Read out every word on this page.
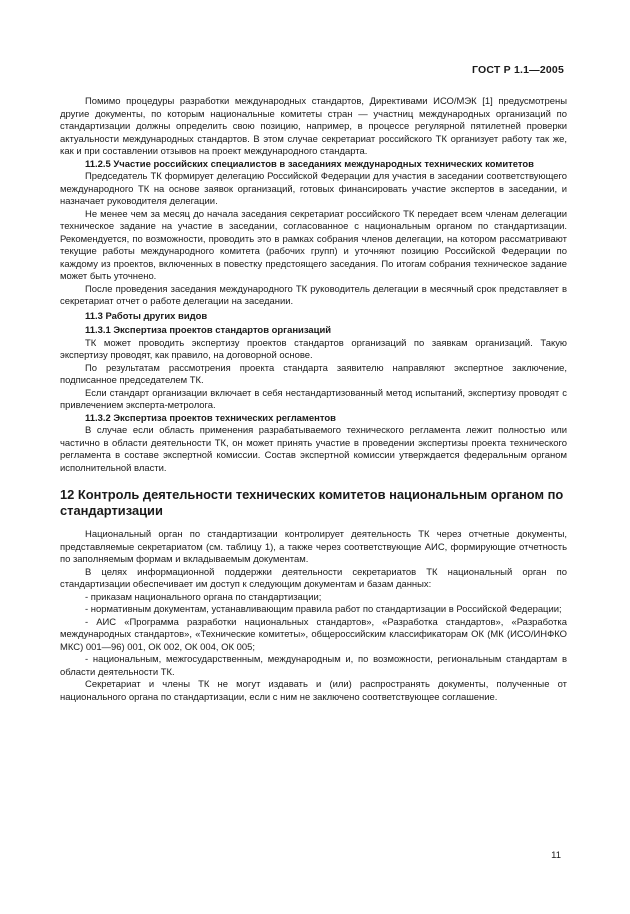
ГОСТ Р 1.1—2005

Помимо процедуры разработки международных стандартов, Директивами ИСО/МЭК [1] предусмотрены другие документы, по которым национальные комитеты стран — участниц международных организаций по стандартизации должны определить свою позицию, например, в процессе регулярной пятилетней проверки актуальности международных стандартов. В этом случае секретариат российского ТК организует работу так же, как и при составлении отзывов на проект международного стандарта.

11.2.5 Участие российских специалистов в заседаниях международных технических комитетов

Председатель ТК формирует делегацию Российской Федерации для участия в заседании соответствующего международного ТК на основе заявок организаций, готовых финансировать участие экспертов в заседании, и назначает руководителя делегации.

Не менее чем за месяц до начала заседания секретариат российского ТК передает всем членам делегации техническое задание на участие в заседании, согласованное с национальным органом по стандартизации. Рекомендуется, по возможности, проводить это в рамках собрания членов делегации, на котором рассматривают текущие работы международного комитета (рабочих групп) и уточняют позицию Российской Федерации по каждому из проектов, включенных в повестку предстоящего заседания. По итогам собрания техническое задание может быть уточнено.

После проведения заседания международного ТК руководитель делегации в месячный срок представляет в секретариат отчет о работе делегации на заседании.

11.3 Работы других видов

11.3.1 Экспертиза проектов стандартов организаций

ТК может проводить экспертизу проектов стандартов организаций по заявкам организаций. Такую экспертизу проводят, как правило, на договорной основе.

По результатам рассмотрения проекта стандарта заявителю направляют экспертное заключение, подписанное председателем ТК.

Если стандарт организации включает в себя нестандартизованный метод испытаний, экспертизу проводят с привлечением эксперта-метролога.

11.3.2 Экспертиза проектов технических регламентов

В случае если область применения разрабатываемого технического регламента лежит полностью или частично в области деятельности ТК, он может принять участие в проведении экспертизы проекта технического регламента в составе экспертной комиссии. Состав экспертной комиссии утверждается федеральным органом исполнительной власти.

12 Контроль деятельности технических комитетов национальным органом по стандартизации

Национальный орган по стандартизации контролирует деятельность ТК через отчетные документы, представляемые секретариатом (см. таблицу 1), а также через соответствующие АИС, формирующие отчетность по заполняемым формам и вкладываемым документам.

В целях информационной поддержки деятельности секретариатов ТК национальный орган по стандартизации обеспечивает им доступ к следующим документам и базам данных:

- приказам национального органа по стандартизации;

- нормативным документам, устанавливающим правила работ по стандартизации в Российской Федерации;

- АИС «Программа разработки национальных стандартов», «Разработка стандартов», «Разработка международных стандартов», «Технические комитеты», общероссийским классификаторам ОК (МК (ИСО/ИНФКО МКС) 001—96) 001, ОК 002, ОК 004, ОК 005;

- национальным, межгосударственным, международным и, по возможности, региональным стандартам в области деятельности ТК.

Секретариат и члены ТК не могут издавать и (или) распространять документы, полученные от национального органа по стандартизации, если с ним не заключено соответствующее соглашение.

11
